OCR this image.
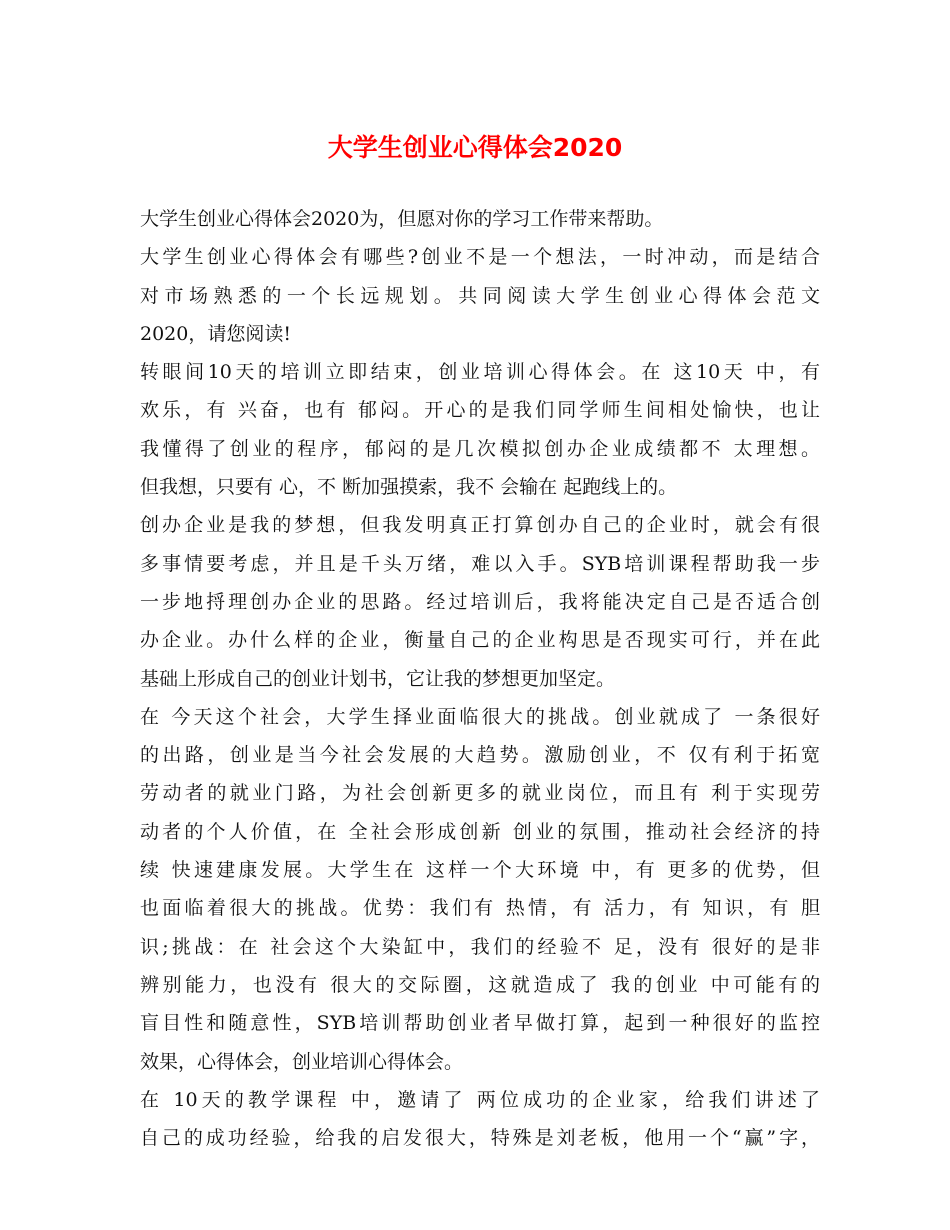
大学生创业心得体会2020
大学生创业心得体会2020为，但愿对你的学习工作带来帮助。
大学生创业心得体会有哪些?创业不是一个想法，一时冲动，而是结合
对市场熟悉的一个长远规划。共同阅读大学生创业心得体会范文
2020，请您阅读!
转眼间10天的培训立即结束，创业培训心得体会。在 这10天 中，有
欢乐，有 兴奋，也有 郁闷。开心的是我们同学师生间相处愉快，也让
我懂得了创业的程序，郁闷的是几次模拟创办企业成绩都不 太理想。
但我想，只要有 心，不 断加强摸索，我不 会输在 起跑线上的。
创办企业是我的梦想，但我发明真正打算创办自己的企业时，就会有很
多事情要考虑，并且是千头万绪，难以入手。SYB培训课程帮助我一步
一步地捋理创办企业的思路。经过培训后，我将能决定自己是否适合创
办企业。办什么样的企业，衡量自己的企业构思是否现实可行，并在此
基础上形成自己的创业计划书，它让我的梦想更加坚定。
在 今天这个社会，大学生择业面临很大的挑战。创业就成了 一条很好
的出路，创业是当今社会发展的大趋势。激励创业，不 仅有利于拓宽
劳动者的就业门路，为社会创新更多的就业岗位，而且有 利于实现劳
动者的个人价值，在 全社会形成创新 创业的氛围，推动社会经济的持
续 快速建康发展。大学生在 这样一个大环境 中，有 更多的优势，但
也面临着很大的挑战。优势：我们有 热情，有 活力，有 知识，有 胆
识;挑战：在 社会这个大染缸中，我们的经验不 足，没有 很好的是非
辨别能力，也没有 很大的交际圈，这就造成了 我的创业 中可能有的
盲目性和随意性，SYB培训帮助创业者早做打算，起到一种很好的监控
效果，心得体会，创业培训心得体会。
在 10天的教学课程 中，邀请了 两位成功的企业家，给我们讲述了
自己的成功经验，给我的启发很大，特殊是刘老板，他用一个“赢”字，
